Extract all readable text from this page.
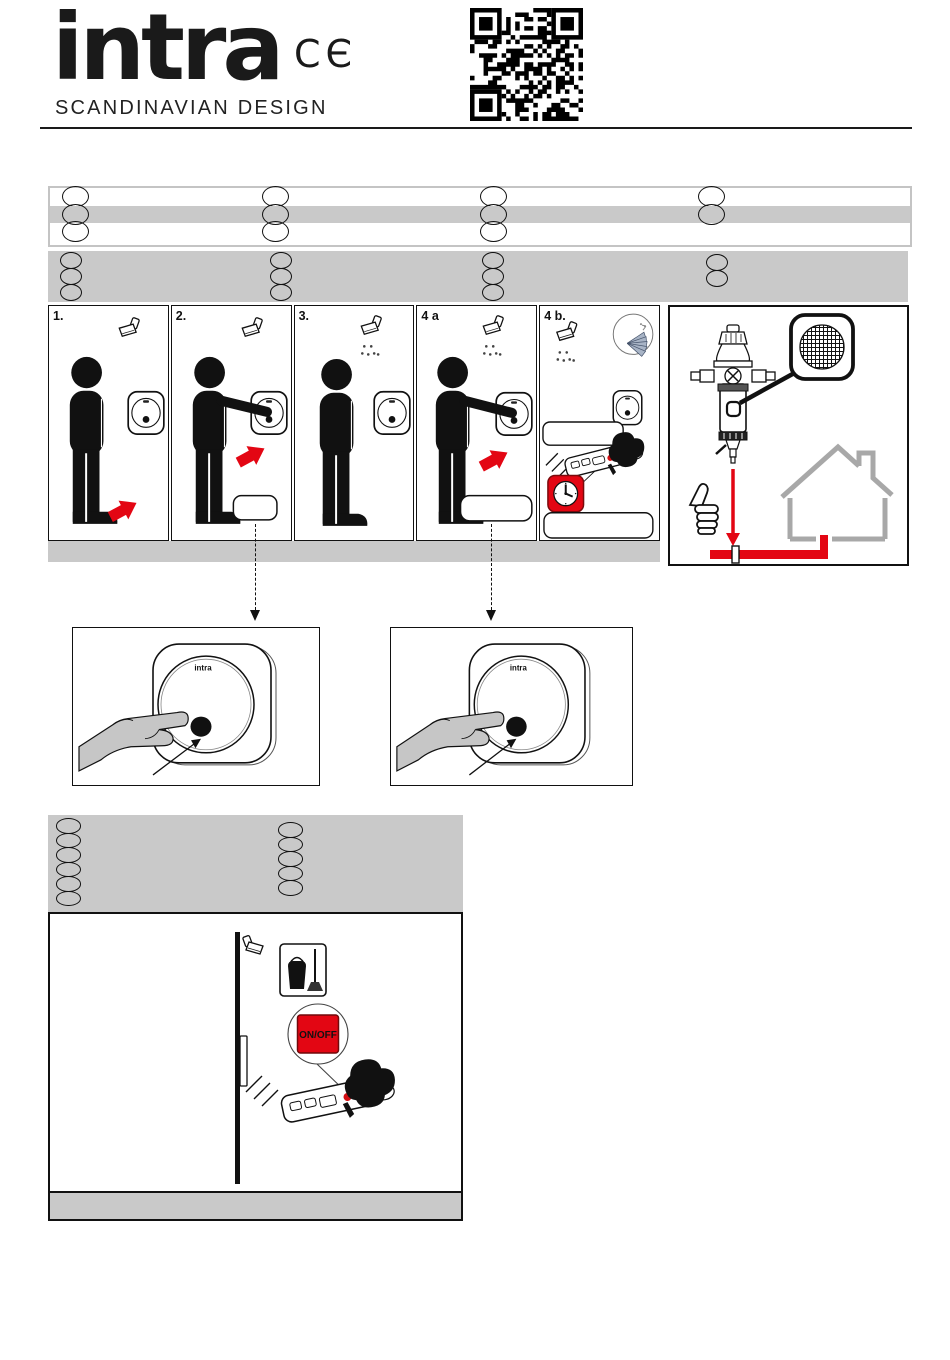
intra CЄ
SCANDINAVIAN DESIGN
1.	2.	3.	4 a	4 b.
intra	intra
ON/OFF
